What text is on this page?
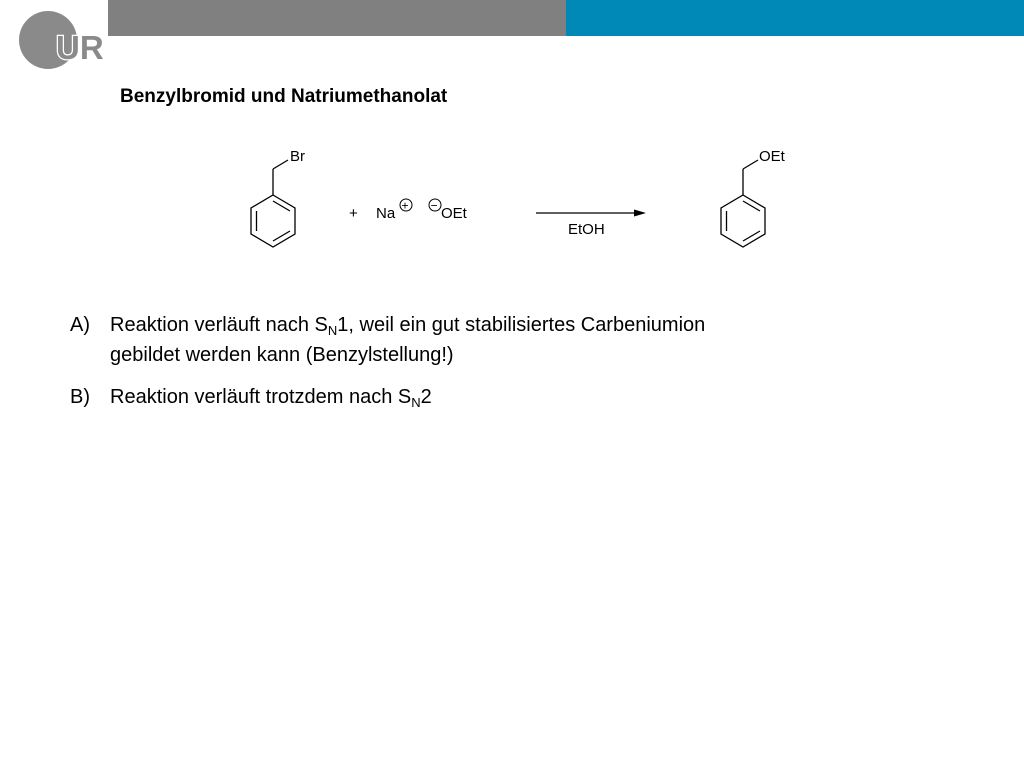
UR
Benzylbromid und Natriumethanolat
Br
+ Na + − OEt
EtOH
OEt
A)	Reaktion verläuft nach $S_N1$, weil ein gut stabilisiertes Carbeniumion
gebildet werden kann (Benzylstellung!)
B)	Reaktion verläuft trotzdem nach $S_N2$
